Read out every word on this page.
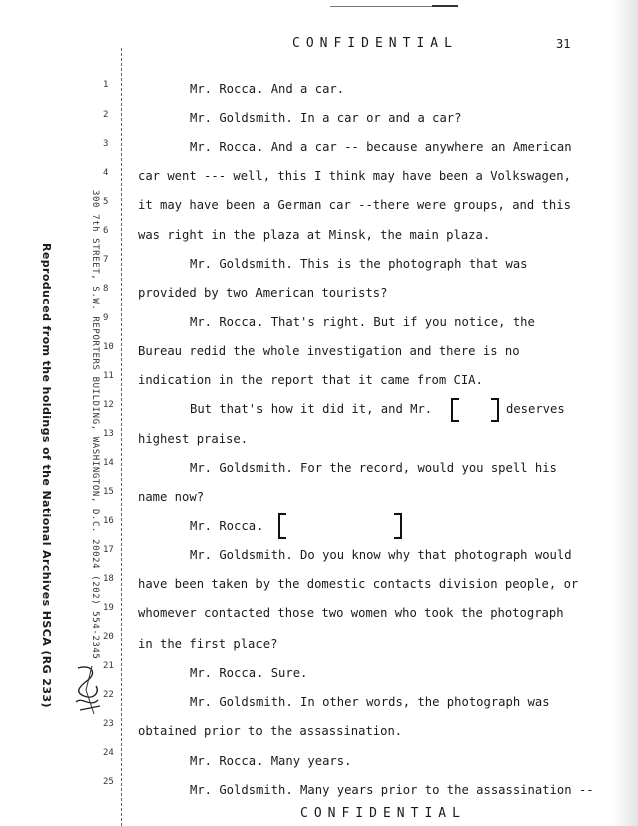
CONFIDENTIAL	31
Reproduced from the holdings of the National Archives HSCA (RG 233)	300 7th STREET, S.W. REPORTERS BUILDING, WASHINGTON, D.C. 20024 (202) 554-2345
1
2
3
4
5
6
7
8
9
10
11
12
13
14
15
16
17
18
19
20
21
22
23
24
25
Mr. Rocca. And a car.
Mr. Goldsmith. In a car or and a car?
Mr. Rocca. And a car -- because anywhere an American
car went --- well, this I think may have been a Volkswagen,
it may have been a German car --there were groups, and this
was right in the plaza at Minsk, the main plaza.
Mr. Goldsmith. This is the photograph that was
provided by two American tourists?
Mr. Rocca. That's right. But if you notice, the
Bureau redid the whole investigation and there is no
indication in the report that it came from CIA.
But that's how it did it, and Mr.	deserves
highest praise.
Mr. Goldsmith. For the record, would you spell his
name now?
Mr. Rocca.
Mr. Goldsmith. Do you know why that photograph would
have been taken by the domestic contacts division people, or
whomever contacted those two women who took the photograph
in the first place?
Mr. Rocca. Sure.
Mr. Goldsmith. In other words, the photograph was
obtained prior to the assassination.
Mr. Rocca. Many years.
Mr. Goldsmith. Many years prior to the assassination --
CONFIDENTIAL
